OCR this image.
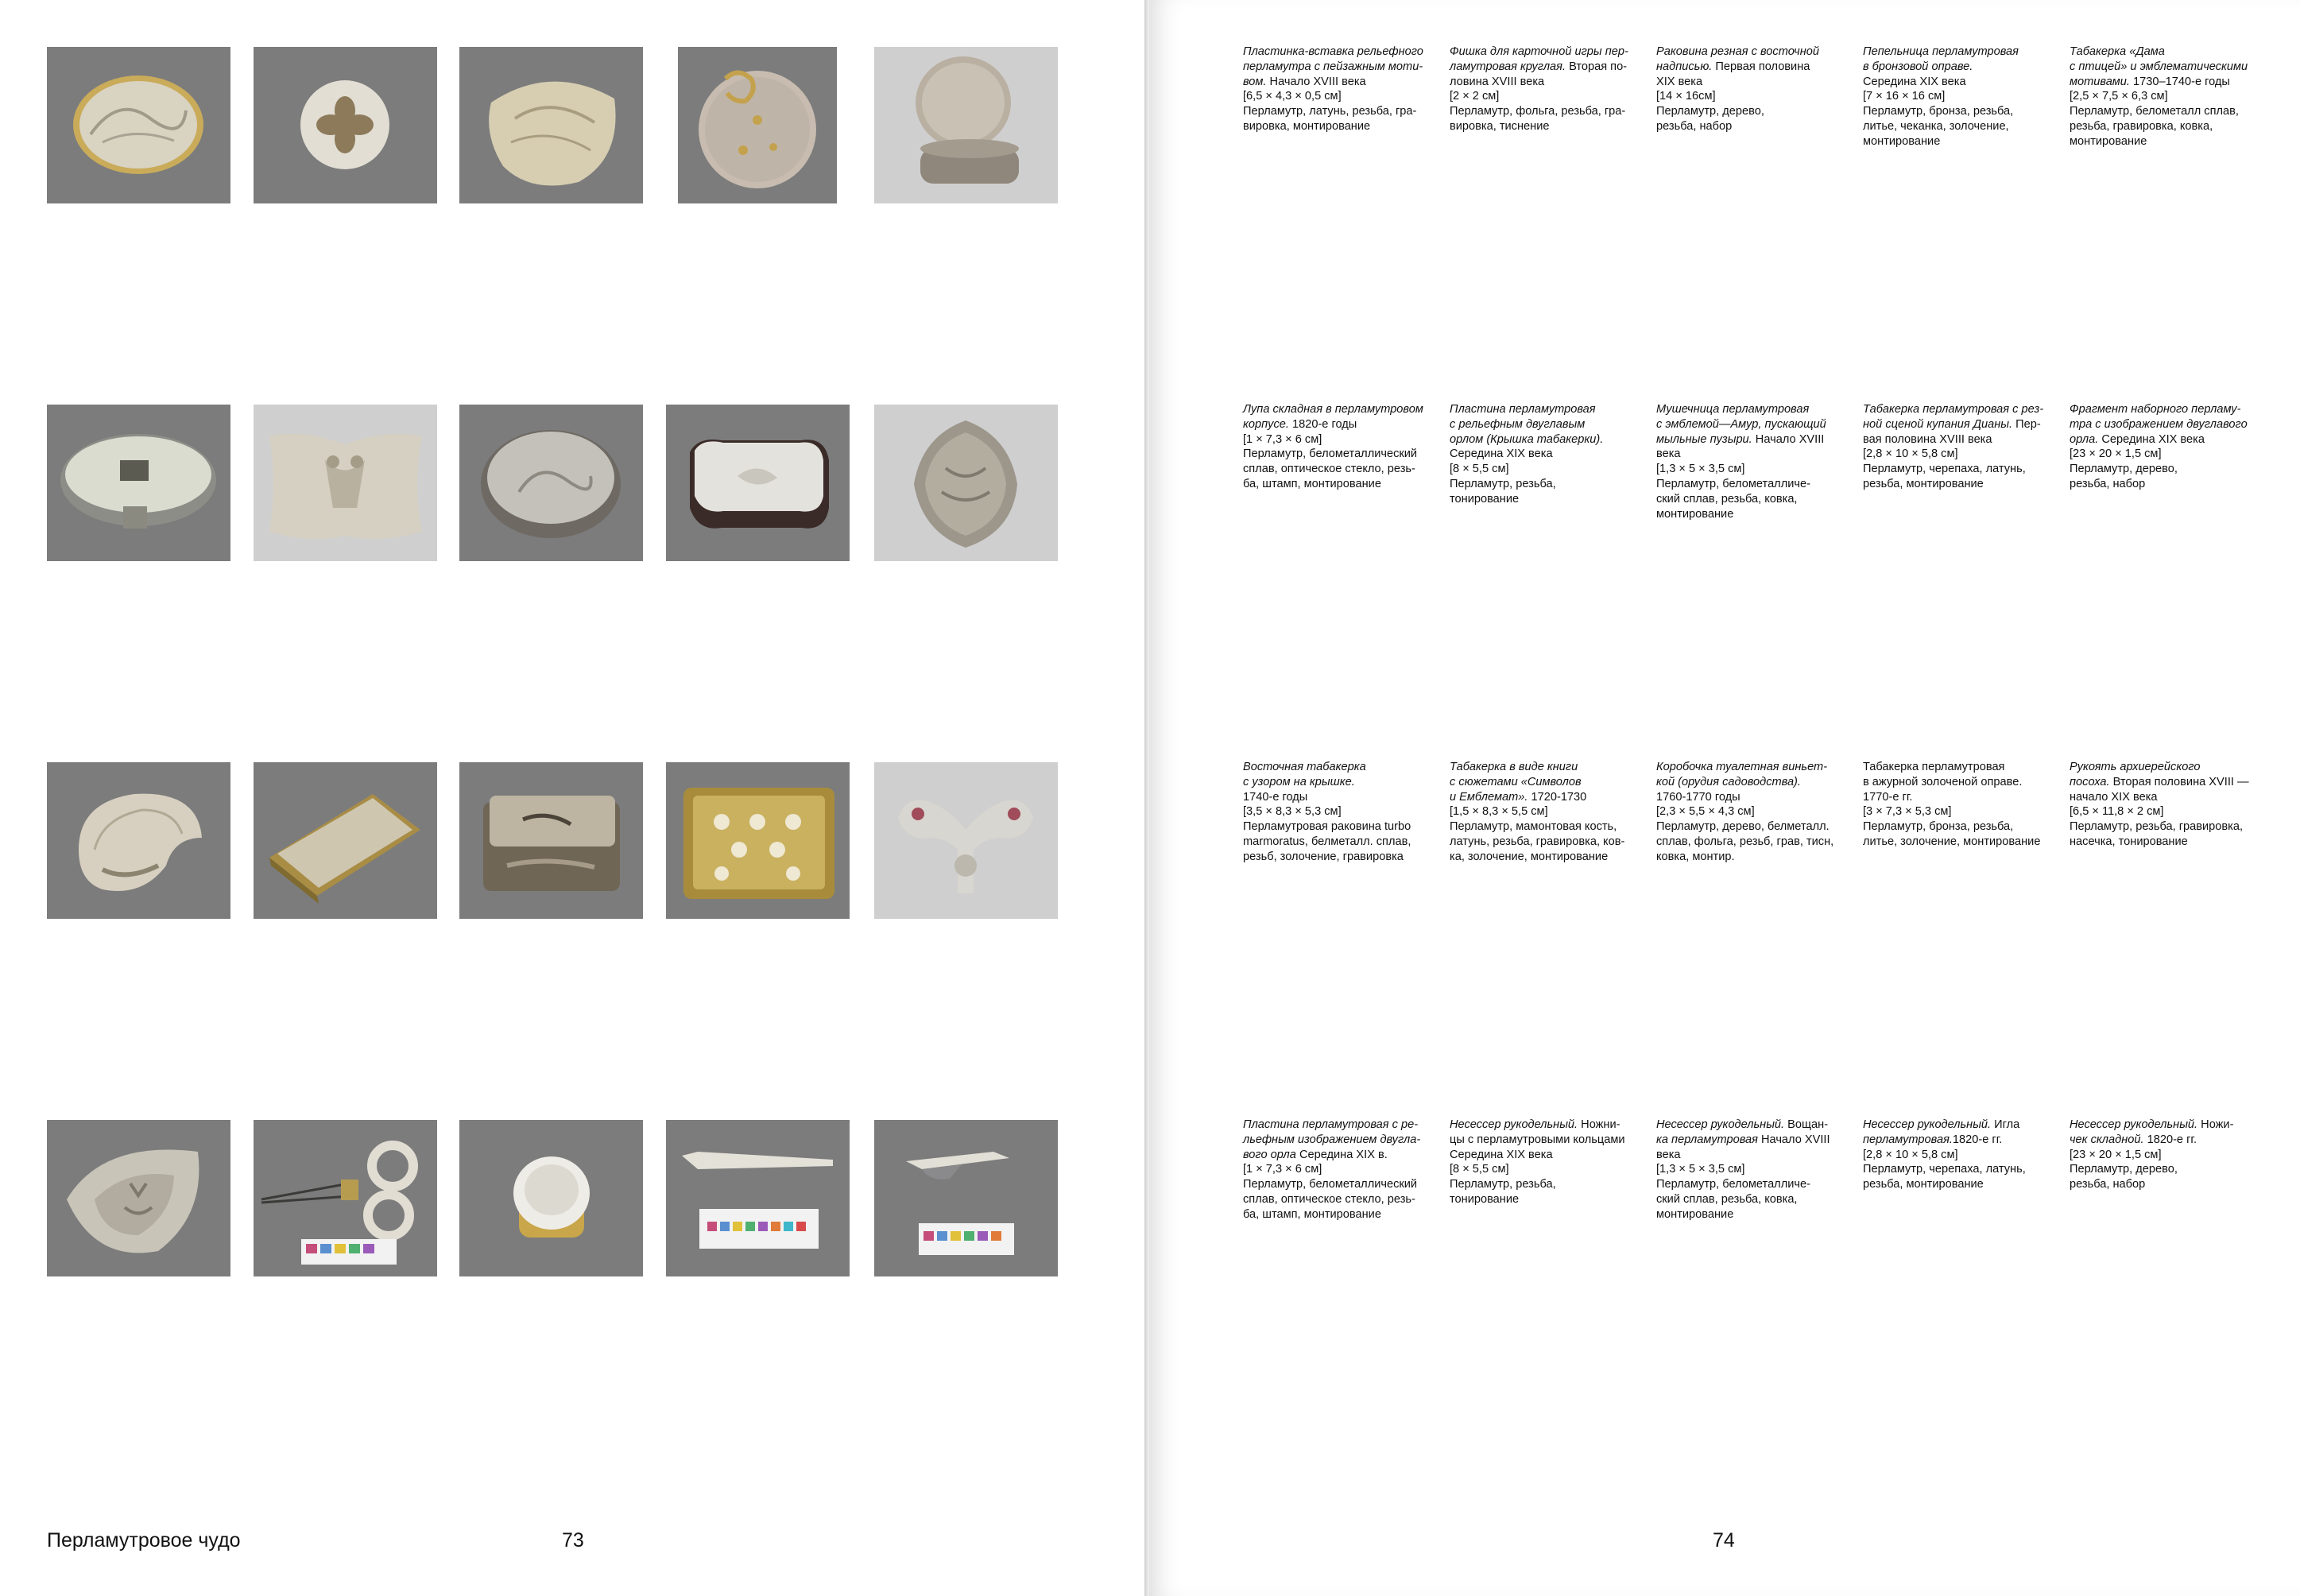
Перламутровое чудо	73
Пластинка-вставка рельефного
перламутра с пейзажным моти-
вом. Начало XVIII века
[6,5 × 4,3 × 0,5 см]
Перламутр, латунь, резьба, гра-
вировка, монтирование
Фишка для карточной игры пер-
ламутровая круглая. Вторая по-
ловина XVIII века
[2 × 2 см]
Перламутр, фольга, резьба, гра-
вировка, тиснение
Раковина резная с восточной
надписью. Первая половина
XIX века
[14 × 16см]
Перламутр, дерево,
резьба, набор
Пепельница перламутровая
в бронзовой оправе.
Середина XIX века
[7 × 16 × 16 см]
Перламутр, бронза, резьба,
литье, чеканка, золочение,
монтирование
Табакерка «Дама
с птицей» и эмблематическими
мотивами. 1730–1740-е годы
[2,5 × 7,5 × 6,3 см]
Перламутр, белометалл сплав,
резьба, гравировка, ковка,
монтирование
Лупа складная в перламутровом
корпусе. 1820-е годы
[1 × 7,3 × 6 см]
Перламутр, белометаллический
сплав, оптическое стекло, резь-
ба, штамп, монтирование
Пластина перламутровая
с рельефным двуглавым
орлом (Крышка табакерки).
Середина XIX века
[8 × 5,5 см]
Перламутр, резьба,
тонирование
Мушечница перламутровая
с эмблемой—Амур, пускающий
мыльные пузыри. Начало XVIII
века
[1,3 × 5 × 3,5 см]
Перламутр, белометалличе-
ский сплав, резьба, ковка,
монтирование
Табакерка перламутровая с рез-
ной сценой купания Дианы. Пер-
вая половина XVIII века
[2,8 × 10 × 5,8 см]
Перламутр, черепаха, латунь,
резьба, монтирование
Фрагмент наборного перламу-
тра с изображением двуглавого
орла. Середина XIX века
[23 × 20 × 1,5 см]
Перламутр, дерево,
резьба, набор
Восточная табакерка
с узором на крышке.
1740-е годы
[3,5 × 8,3 × 5,3 см]
Перламутровая раковина turbo
marmoratus, белметалл. сплав,
резьб, золочение, гравировка
Табакерка в виде книги
с сюжетами «Символов
и Емблемат». 1720-1730
[1,5 × 8,3 × 5,5 см]
Перламутр, мамонтовая кость,
латунь, резьба, гравировка, ков-
ка, золочение, монтирование
Коробочка туалетная виньет-
кой (орудия садоводства).
1760-1770 годы
[2,3 × 5,5 × 4,3 см]
Перламутр, дерево, белметалл.
сплав, фольга, резьб, грав, тисн,
ковка, монтир.
Табакерка перламутровая
в ажурной золоченой оправе.
1770-е гг.
[3 × 7,3 × 5,3 см]
Перламутр, бронза, резьба,
литье, золочение, монтирование
Рукоять архиерейского
посоха. Вторая половина XVIII —
начало XIX века
[6,5 × 11,8 × 2 см]
Перламутр, резьба, гравировка,
насечка, тонирование
Пластина перламутровая с ре-
льефным изображением двугла-
вого орла Середина XIX в.
[1 × 7,3 × 6 см]
Перламутр, белометаллический
сплав, оптическое стекло, резь-
ба, штамп, монтирование
Несессер рукодельный. Ножни-
цы с перламутровыми кольцами
Середина XIX века
[8 × 5,5 см]
Перламутр, резьба,
тонирование
Несессер рукодельный. Вощан-
ка перламутровая Начало XVIII
века
[1,3 × 5 × 3,5 см]
Перламутр, белометалличе-
ский сплав, резьба, ковка,
монтирование
Несессер рукодельный. Игла
перламутровая.1820-е гг.
[2,8 × 10 × 5,8 см]
Перламутр, черепаха, латунь,
резьба, монтирование
Несессер рукодельный. Ножи-
чек складной. 1820-е гг.
[23 × 20 × 1,5 см]
Перламутр, дерево,
резьба, набор
74
